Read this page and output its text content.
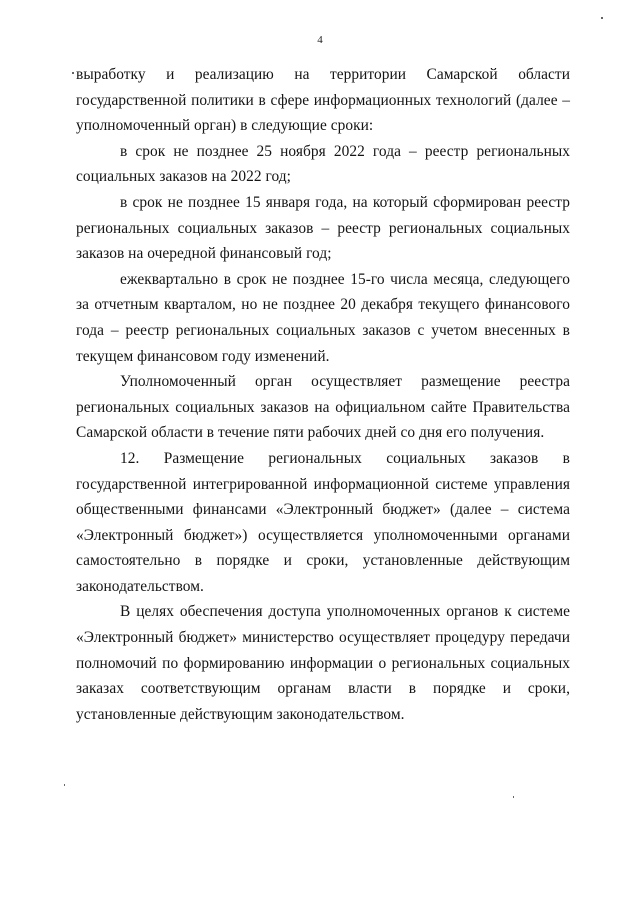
4

выработку и реализацию на территории Самарской области государственной политики в сфере информационных технологий (далее – уполномоченный орган) в следующие сроки:

в срок не позднее 25 ноября 2022 года – реестр региональных социальных заказов на 2022 год;

в срок не позднее 15 января года, на который сформирован реестр региональных социальных заказов – реестр региональных социальных заказов на очередной финансовый год;

ежеквартально в срок не позднее 15-го числа месяца, следующего за отчетным кварталом, но не позднее 20 декабря текущего финансового года – реестр региональных социальных заказов с учетом внесенных в текущем финансовом году изменений.

Уполномоченный орган осуществляет размещение реестра региональных социальных заказов на официальном сайте Правительства Самарской области в течение пяти рабочих дней со дня его получения.

12. Размещение региональных социальных заказов в государственной интегрированной информационной системе управления общественными финансами «Электронный бюджет» (далее – система «Электронный бюджет») осуществляется уполномоченными органами самостоятельно в порядке и сроки, установленные действующим законодательством.

В целях обеспечения доступа уполномоченных органов к системе «Электронный бюджет» министерство осуществляет процедуру передачи полномочий по формированию информации о региональных социальных заказах соответствующим органам власти в порядке и сроки, установленные действующим законодательством.
